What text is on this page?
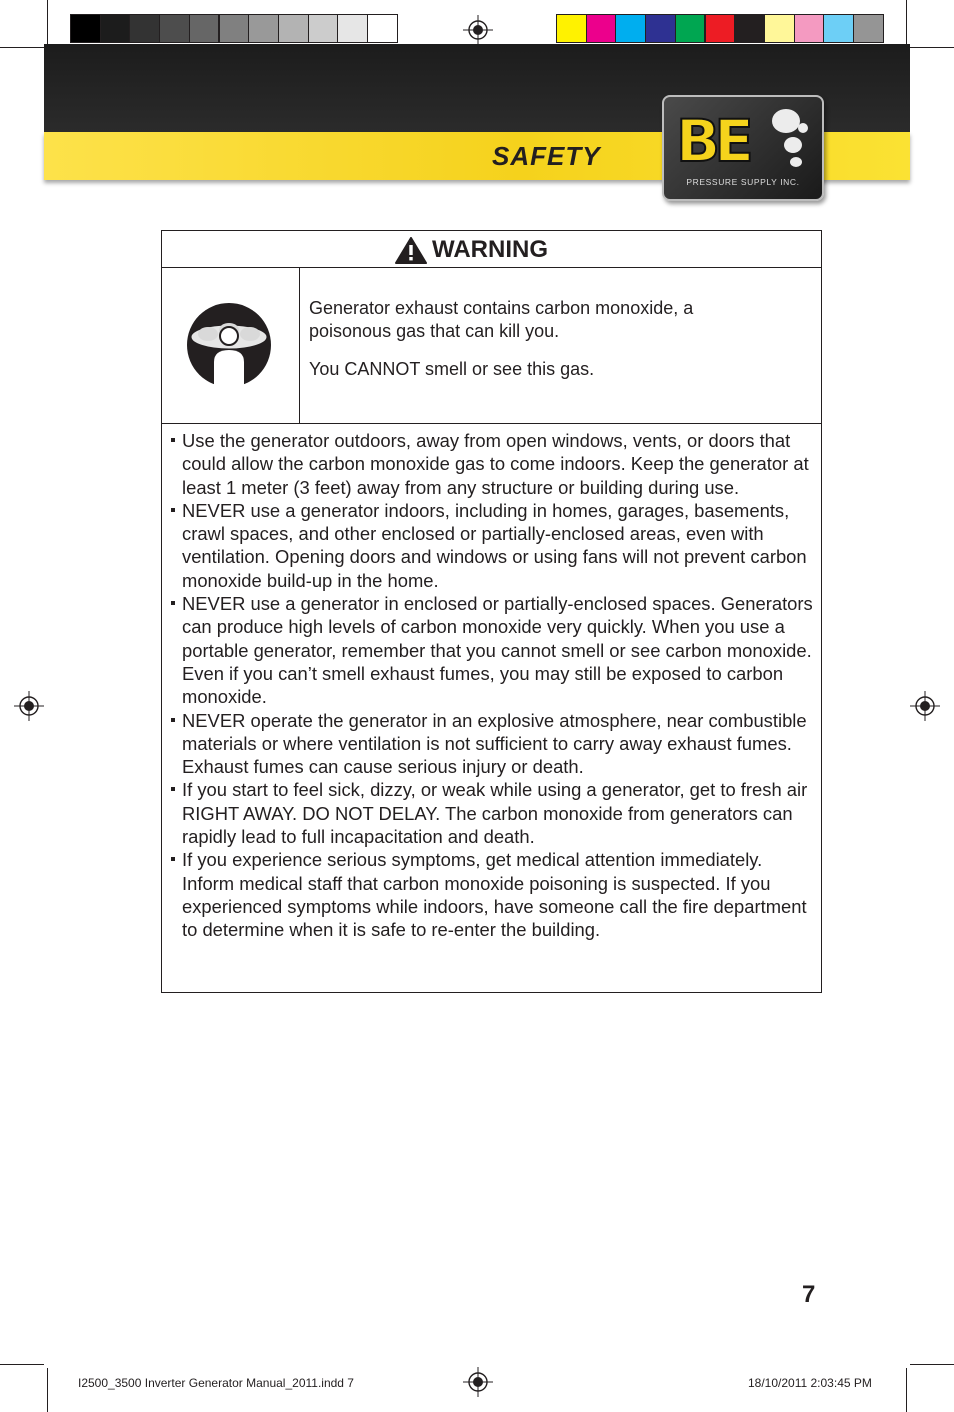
SAFETY BE
PRESSURE SUPPLY INC.
WARNING

Generator exhaust contains carbon monoxide, a poisonous gas that can kill you.

You CANNOT smell or see this gas.

Use the generator outdoors, away from open windows, vents, or doors that could allow the carbon monoxide gas to come indoors. Keep the generator at least 1 meter (3 feet) away from any structure or building during use.
NEVER use a generator indoors, including in homes, garages, basements, crawl spaces, and other enclosed or partially-enclosed areas, even with ventilation. Opening doors and windows or using fans will not prevent carbon monoxide build-up in the home.
NEVER use a generator in enclosed or partially-enclosed spaces. Generators can produce high levels of carbon monoxide very quickly. When you use a portable generator, remember that you cannot smell or see carbon monoxide. Even if you can’t smell exhaust fumes, you may still be exposed to carbon monoxide.
NEVER operate the generator in an explosive atmosphere, near combustible materials or where ventilation is not sufficient to carry away exhaust fumes. Exhaust fumes can cause serious injury or death.
If you start to feel sick, dizzy, or weak while using a generator, get to fresh air RIGHT AWAY. DO NOT DELAY. The carbon monoxide from generators can rapidly lead to full incapacitation and death.
If you experience serious symptoms, get medical attention immediately. Inform medical staff that carbon monoxide poisoning is suspected. If you experienced symptoms while indoors, have someone call the fire department to determine when it is safe to re-enter the building.
7
I2500_3500 Inverter Generator Manual_2011.indd 7	18/10/2011 2:03:45 PM
